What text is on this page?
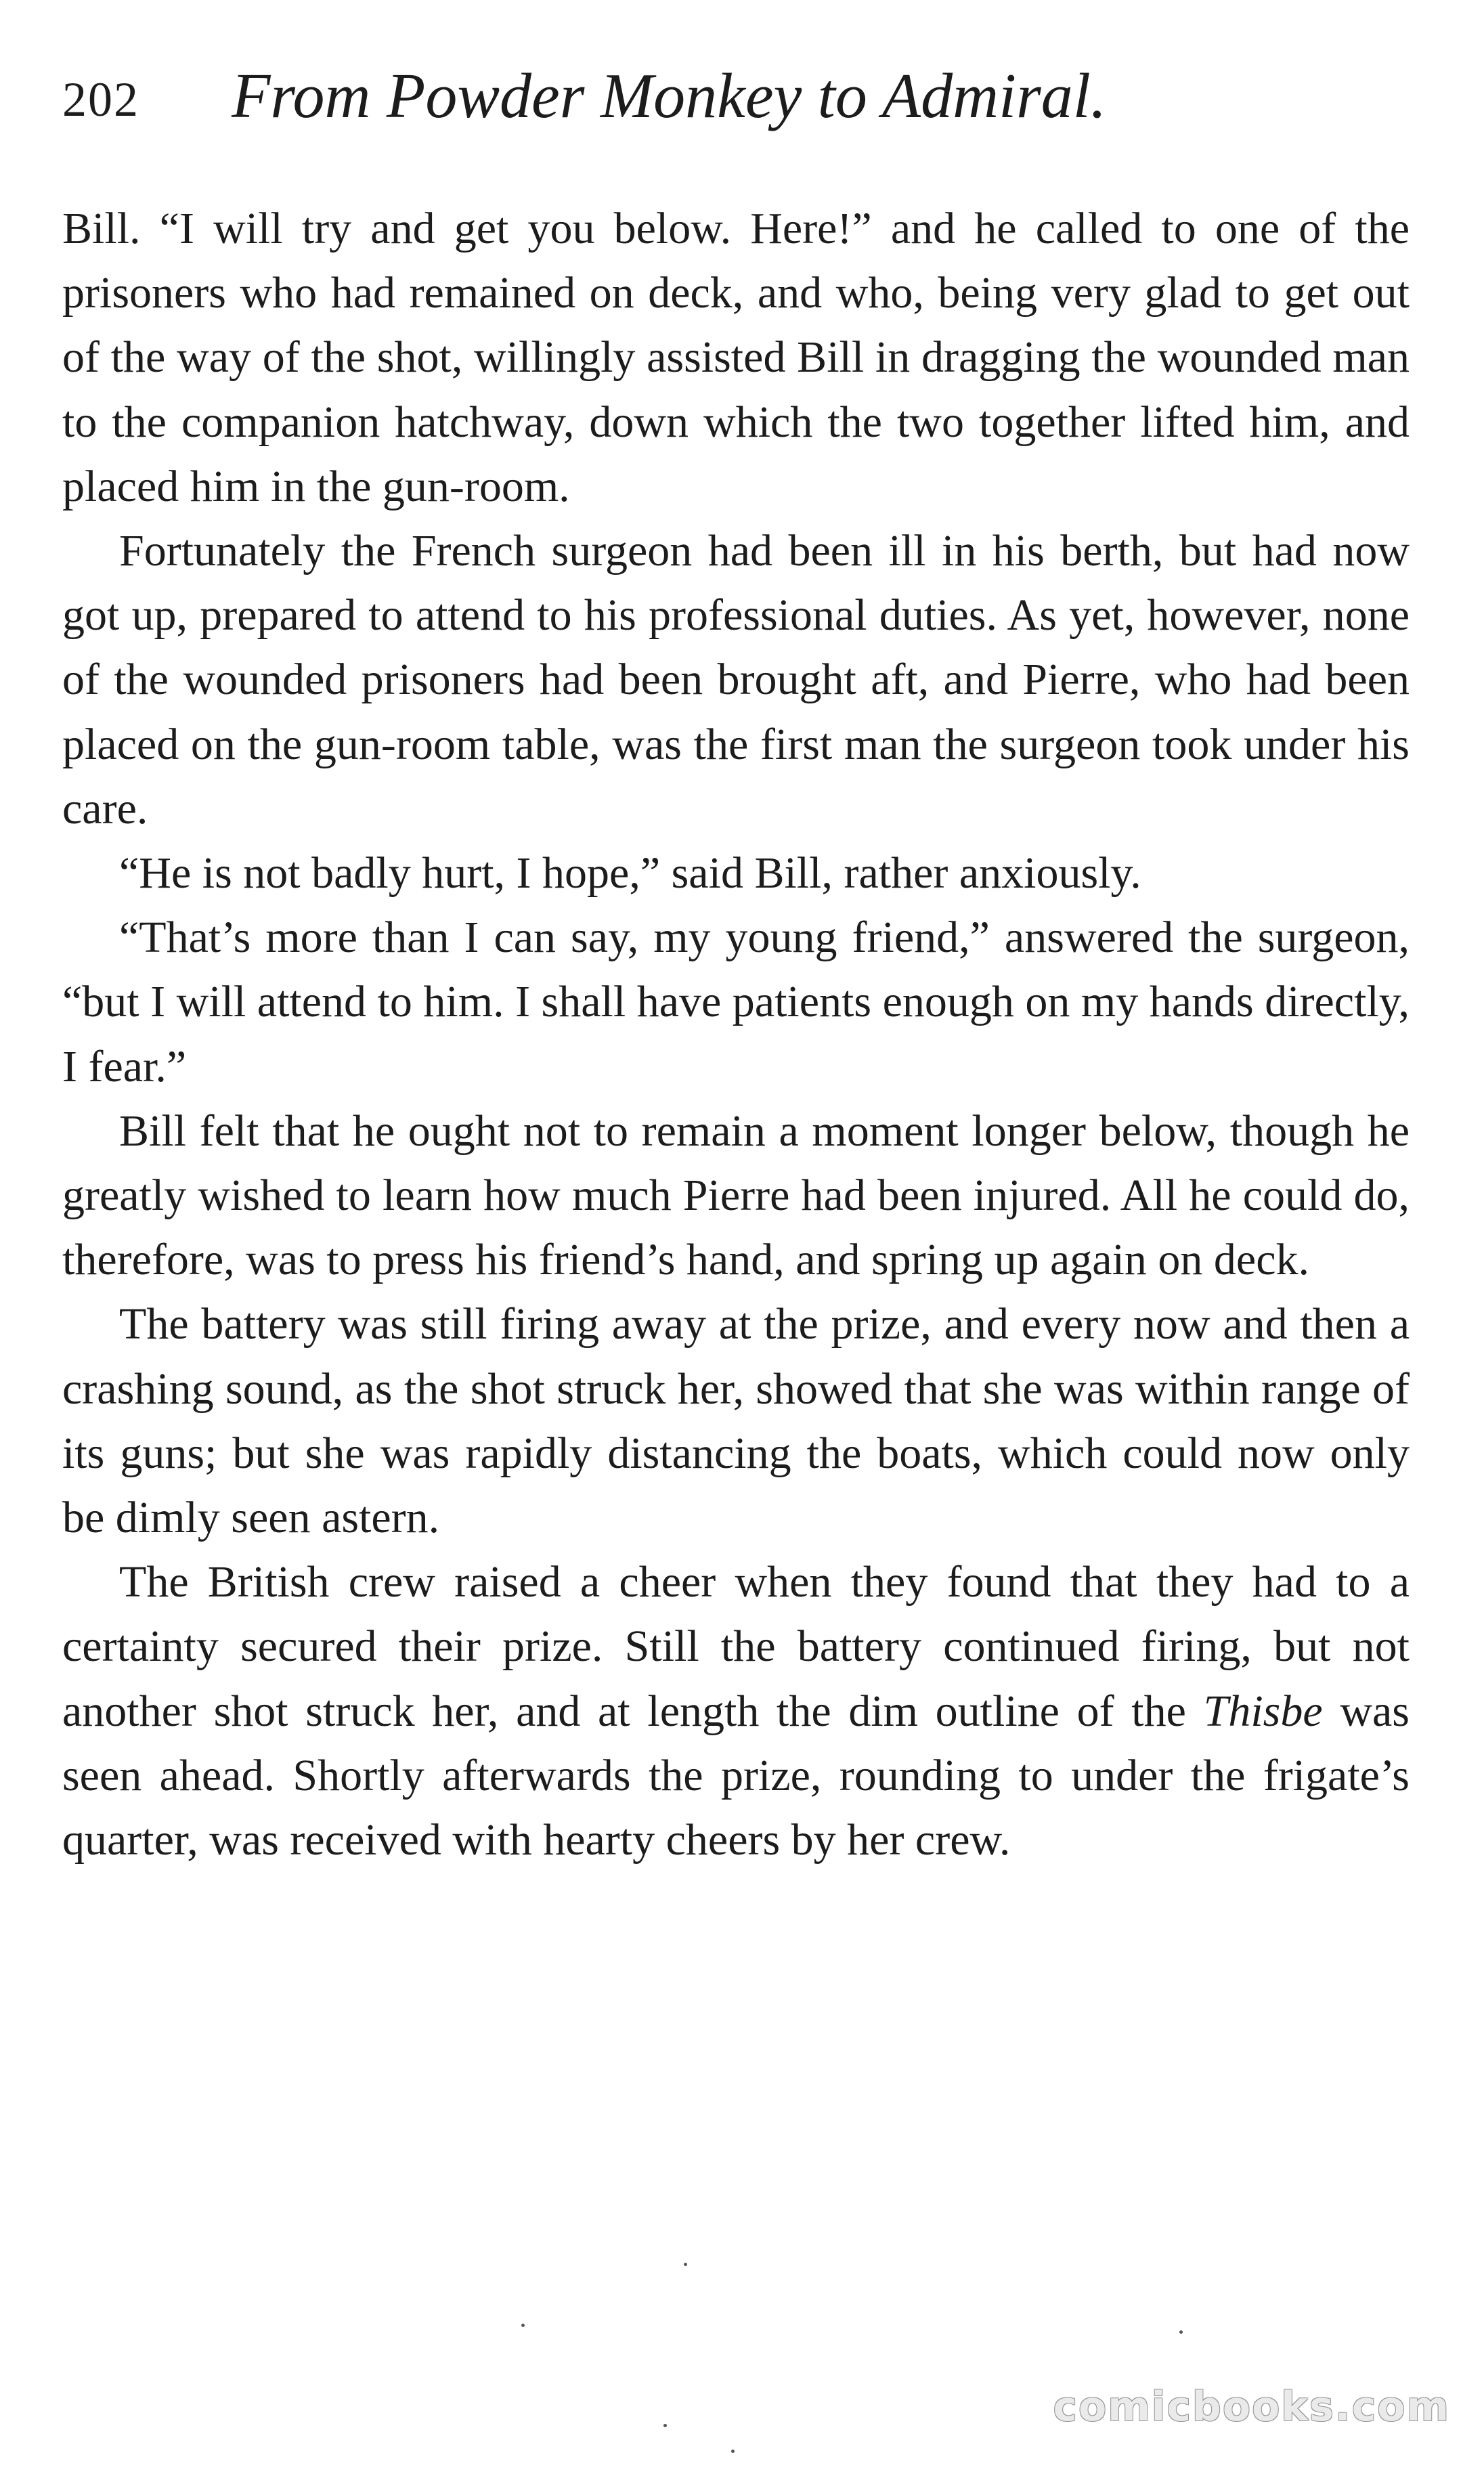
202 From Powder Monkey to Admiral.

Bill. “I will try and get you below. Here!” and he called to one of the prisoners who had remained on deck, and who, being very glad to get out of the way of the shot, willingly assisted Bill in dragging the wounded man to the companion hatchway, down which the two together lifted him, and placed him in the gun-room.

Fortunately the French surgeon had been ill in his berth, but had now got up, prepared to attend to his professional duties. As yet, however, none of the wounded prisoners had been brought aft, and Pierre, who had been placed on the gun-room table, was the first man the surgeon took under his care.

“He is not badly hurt, I hope,” said Bill, rather anxiously.

“That’s more than I can say, my young friend,” answered the surgeon, “but I will attend to him. I shall have patients enough on my hands directly, I fear.”

Bill felt that he ought not to remain a moment longer below, though he greatly wished to learn how much Pierre had been injured. All he could do, therefore, was to press his friend’s hand, and spring up again on deck.

The battery was still firing away at the prize, and every now and then a crashing sound, as the shot struck her, showed that she was within range of its guns; but she was rapidly distancing the boats, which could now only be dimly seen astern.

The British crew raised a cheer when they found that they had to a certainty secured their prize. Still the battery continued firing, but not another shot struck her, and at length the dim outline of the Thisbe was seen ahead. Shortly afterwards the prize, rounding to under the frigate’s quarter, was received with hearty cheers by her crew.

comicbooks.com
